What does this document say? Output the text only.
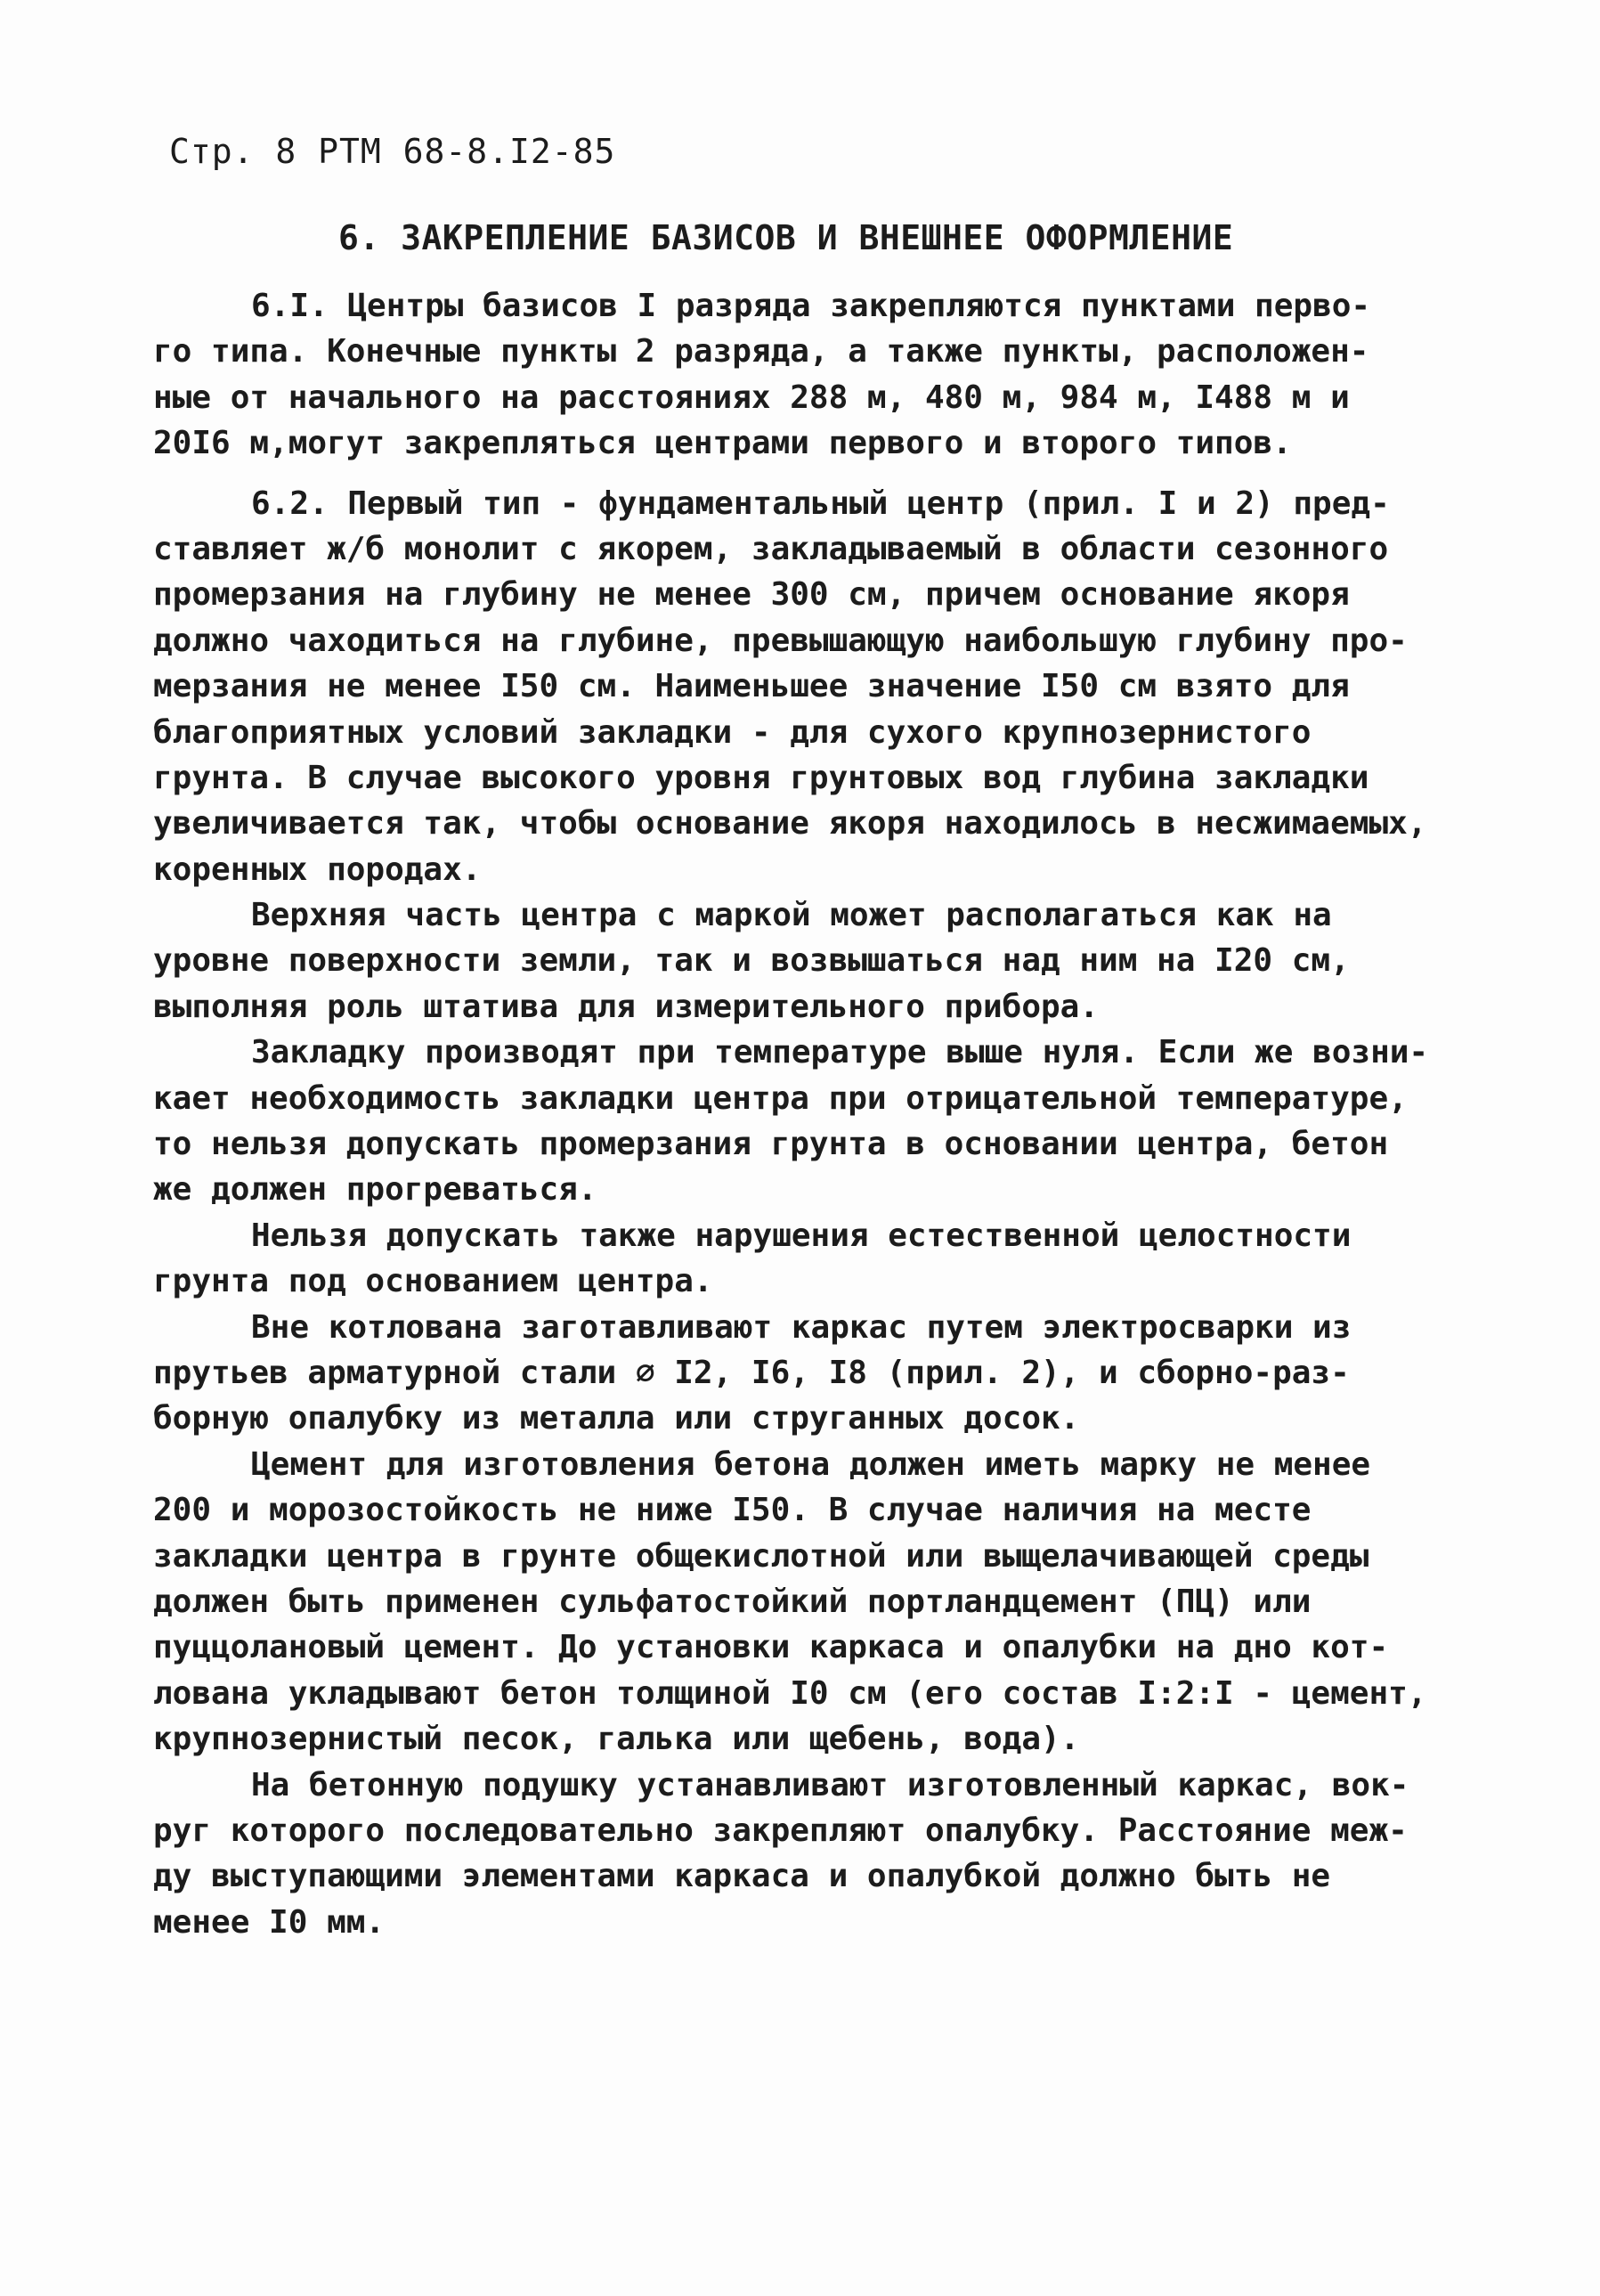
Стр. 8 РТМ 68-8.I2-85
6. ЗАКРЕПЛЕНИЕ БАЗИСОВ И ВНЕШНЕЕ ОФОРМЛЕНИЕ
6.I. Центры базисов I разряда закрепляются пунктами перво-
го типа. Конечные пункты 2 разряда, а также пункты, расположен-
ные от начального на расстояниях 288 м, 480 м, 984 м, I488 м и
20I6 м,могут закрепляться центрами первого и второго типов.
6.2. Первый тип - фундаментальный центр (прил. I и 2) пред-
ставляет ж/б монолит с якорем, закладываемый в области сезонного
промерзания на глубину не менее 300 см, причем основание якоря
должно чаходиться на глубине, превышающую наибольшую глубину про-
мерзания не менее I50 см. Наименьшее значение I50 см взято для
благоприятных условий закладки - для сухого крупнозернистого
грунта. В случае высокого уровня грунтовых вод глубина закладки
увеличивается так, чтобы основание якоря находилось в несжимаемых,
коренных породах.
Верхняя часть центра с маркой может располагаться как на
уровне поверхности земли, так и возвышаться над ним на I20 см,
выполняя роль штатива для измерительного прибора.
Закладку производят при температуре выше нуля. Если же возни-
кает необходимость закладки центра при отрицательной температуре,
то нельзя допускать промерзания грунта в основании центра, бетон
же должен прогреваться.
Нельзя допускать также нарушения естественной целостности
грунта под основанием центра.
Вне котлована заготавливают каркас путем электросварки из
прутьев арматурной стали ∅ I2, I6, I8 (прил. 2), и сборно-раз-
борную опалубку из металла или струганных досок.
Цемент для изготовления бетона должен иметь марку не менее
200 и морозостойкость не ниже I50. В случае наличия на месте
закладки центра в грунте общекислотной или выщелачивающей среды
должен быть применен сульфатостойкий портландцемент (ПЦ) или
пуццолановый цемент. До установки каркаса и опалубки на дно кот-
лована укладывают бетон толщиной I0 см (его состав I:2:I - цемент,
крупнозернистый песок, галька или щебень, вода).
На бетонную подушку устанавливают изготовленный каркас, вок-
руг которого последовательно закрепляют опалубку. Расстояние меж-
ду выступающими элементами каркаса и опалубкой должно быть не
менее I0 мм.
